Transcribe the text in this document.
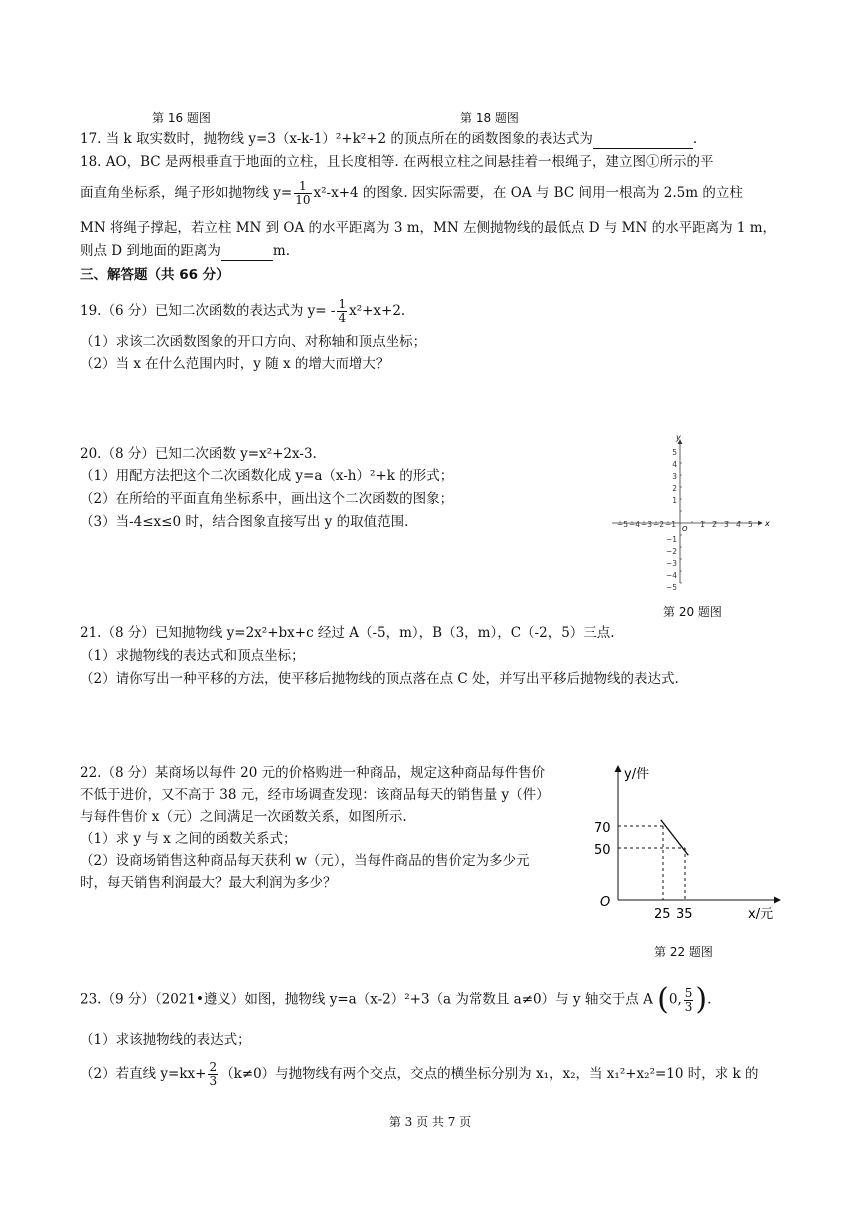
第 16 题图	第 18 题图
17. 当 k 取实数时，抛物线 y=3（x-k-1）²+k²+2 的顶点所在的函数图象的表达式为	.
18. AO，BC 是两根垂直于地面的立柱，且长度相等. 在两根立柱之间悬挂着一根绳子，建立图①所示的平
面直角坐标系，绳子形如抛物线 $y= \frac{1}{10} x^2-x+4$ 的图象. 因实际需要，在 OA 与 BC 间用一根高为 2.5m 的立柱
MN 将绳子撑起，若立柱 MN 到 OA 的水平距离为 3 m，MN 左侧抛物线的最低点 D 与 MN 的水平距离为 1 m，
则点 D 到地面的距离为	m.
三、解答题（共 66 分）
19.（6 分）已知二次函数的表达式为 $y= - \frac{1}{4} x^2+x+2$.
（1）求该二次函数图象的开口方向、对称轴和顶点坐标；
（2）当 x 在什么范围内时，y 随 x 的增大而增大？
20.（8 分）已知二次函数 y=x²+2x-3.
（1）用配方法把这个二次函数化成 y=a（x-h）²+k 的形式；
（2）在所给的平面直角坐标系中，画出这个二次函数的图象；
（3）当-4≤x≤0 时，结合图象直接写出 y 的取值范围.	x
y
−5 −4 −3 −2 −1	1 2 3 4 5
5
4
3
2
1
−1
−2
−3
−4
−5
O
第 20 题图
21.（8 分）已知抛物线 y=2x²+bx+c 经过 A（-5，m），B（3，m），C（-2，5）三点.
（1）求抛物线的表达式和顶点坐标；
（2）请你写出一种平移的方法，使平移后抛物线的顶点落在点 C 处，并写出平移后抛物线的表达式.
22.（8 分）某商场以每件 20 元的价格购进一种商品，规定这种商品每件售价
不低于进价，又不高于 38 元，经市场调查发现：该商品每天的销售量 y（件）
与每件售价 x（元）之间满足一次函数关系，如图所示.
（1）求 y 与 x 之间的函数关系式；
（2）设商场销售这种商品每天获利 w（元），当每件商品的售价定为多少元
时，每天销售利润最大？最大利润为多少？
y/件
x/元
O
70
50
25 35
第 22 题图
23.（9 分）（2021•遵义）如图，抛物线 y=a（x-2）²+3（a 为常数且 a≠0）与 y 轴交于点 A (0, $\frac{5}{3}$ ).
（1）求该抛物线的表达式；
（2）若直线 $y=kx+ \frac{2}{3} (k\ne 0)$与抛物线有两个交点，交点的横坐标分别为 x₁，x₂，当 x₁²+x₂²=10 时，求 k 的
第 3 页 共 7 页
